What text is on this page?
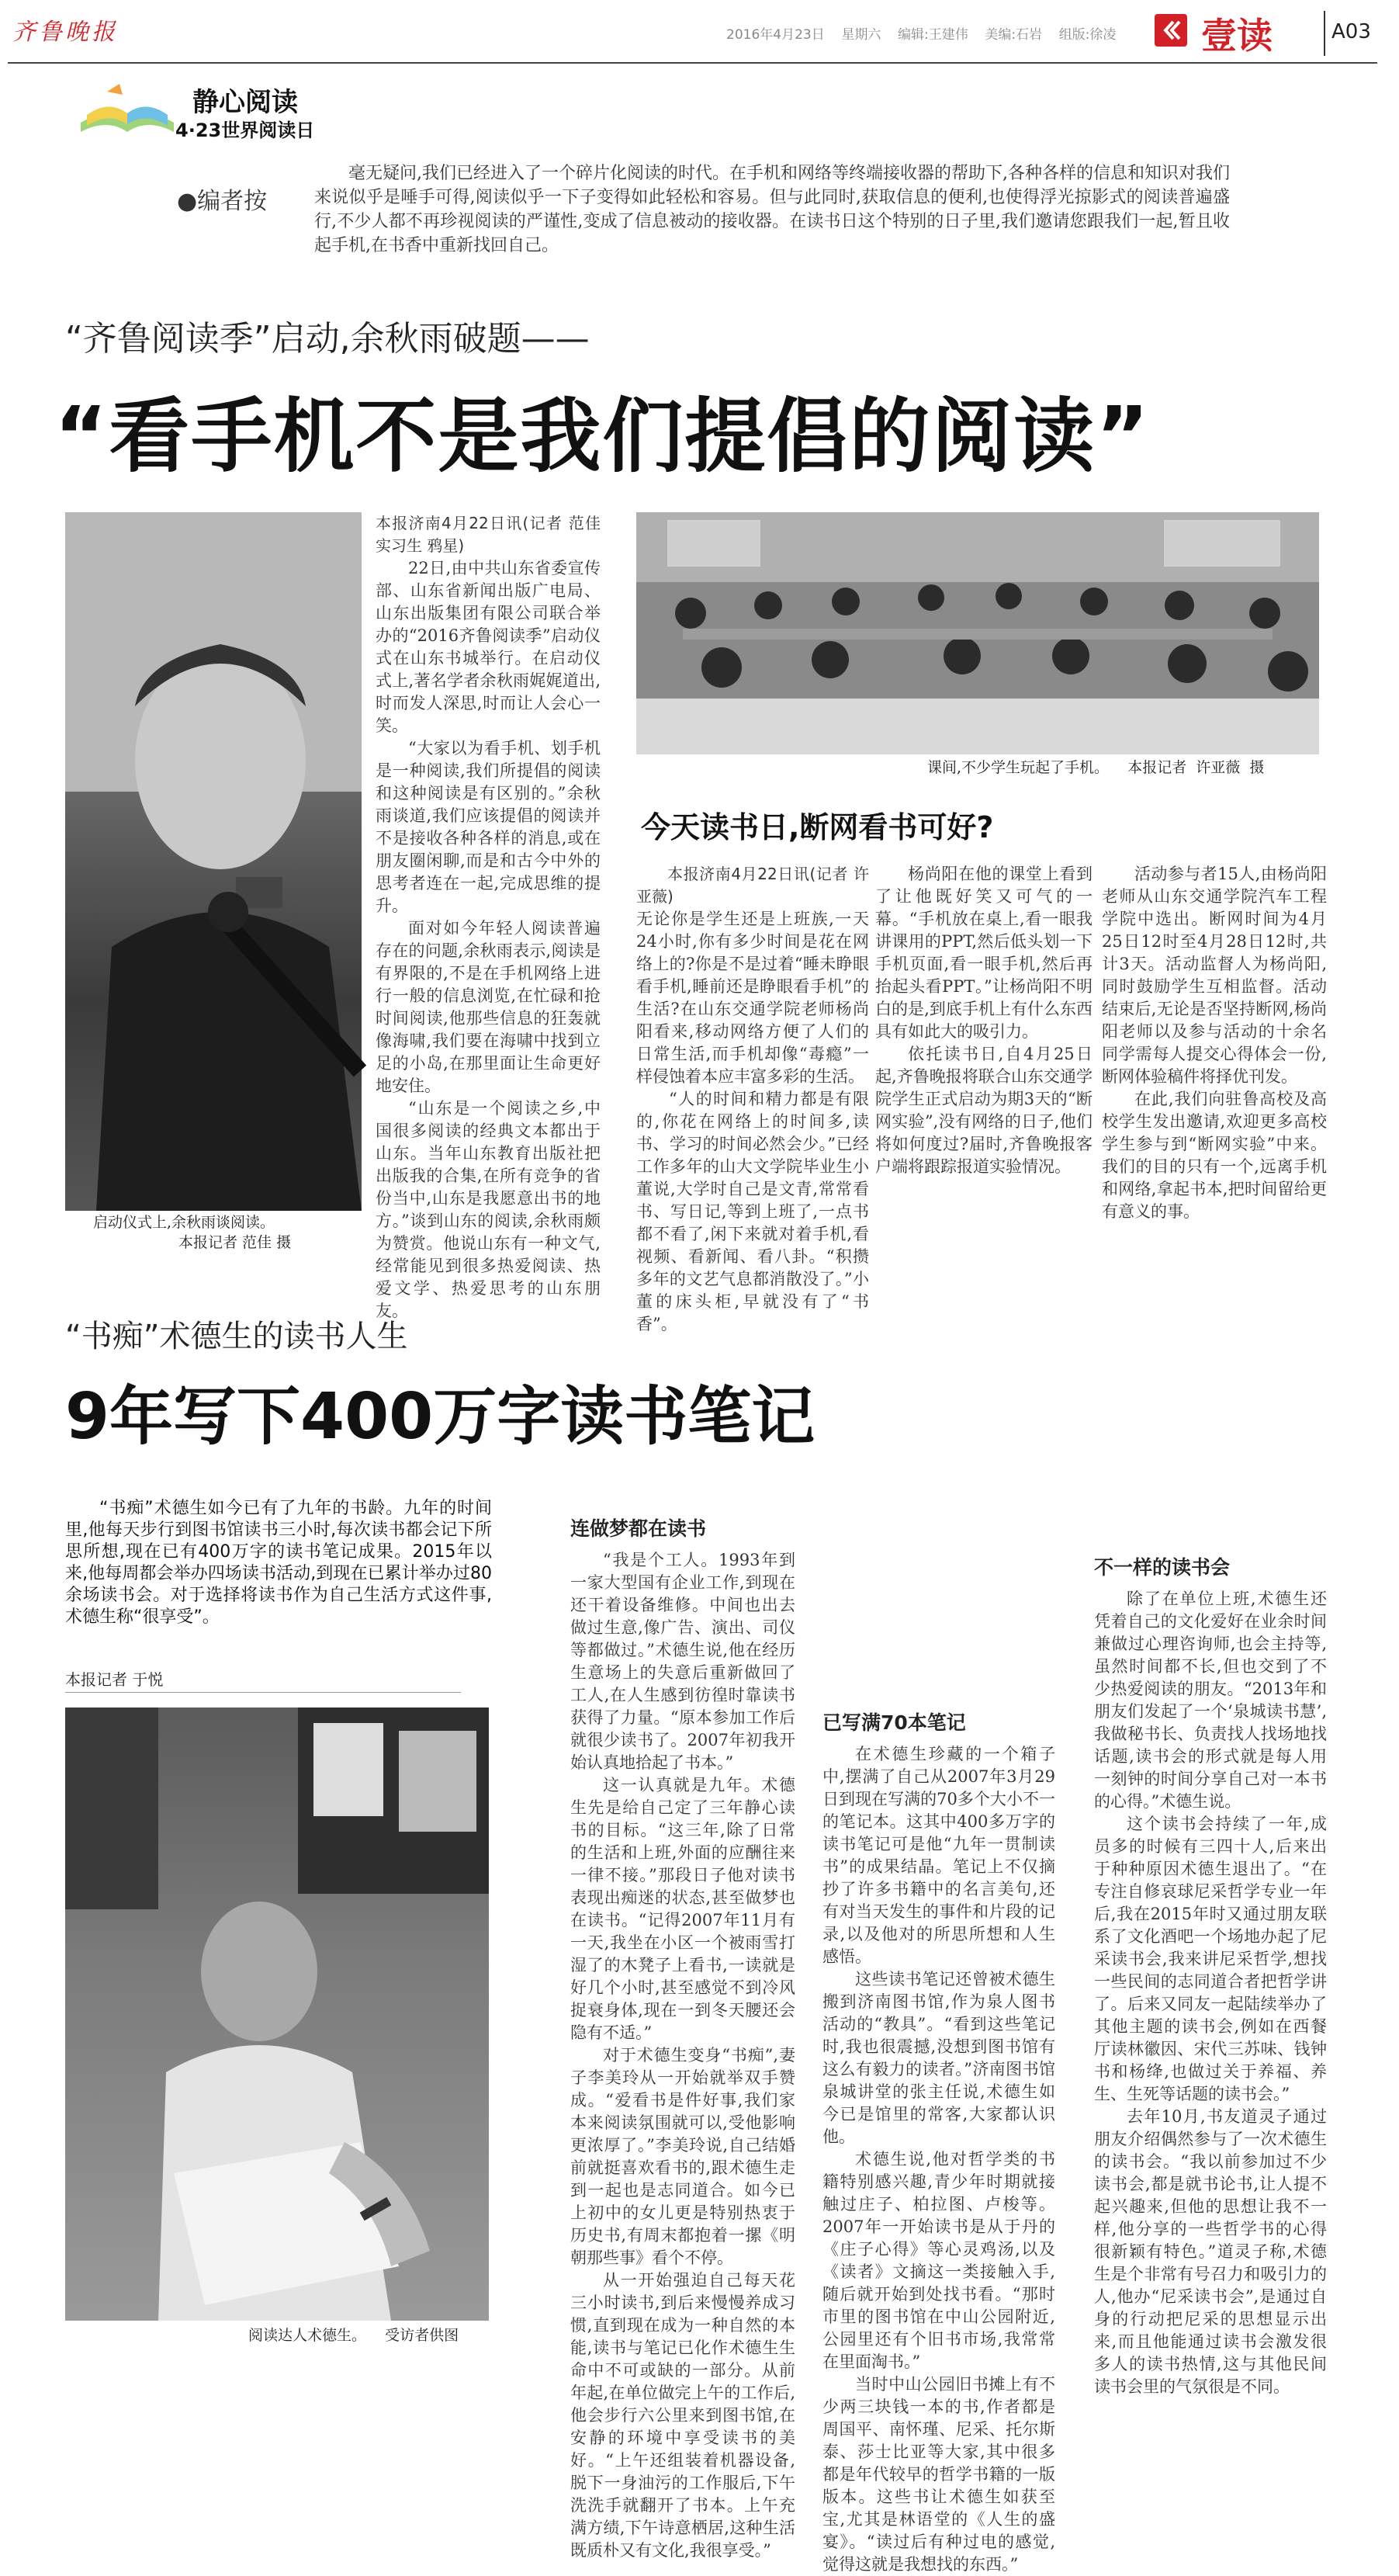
齐鲁晚报	2016年4月23日 星期六 编辑:王建伟 美编:石岩 组版:徐凌 壹读	A03
静心阅读
4·23世界阅读日
●编者按
毫无疑问,我们已经进入了一个碎片化阅读的时代。在手机和网络等终端接收器的帮助下,各种各样的信息和知识对我们来说似乎是唾手可得,阅读似乎一下子变得如此轻松和容易。但与此同时,获取信息的便利,也使得浮光掠影式的阅读普遍盛行,不少人都不再珍视阅读的严谨性,变成了信息被动的接收器。在读书日这个特别的日子里,我们邀请您跟我们一起,暂且收起手机,在书香中重新找回自己。
“齐鲁阅读季”启动,余秋雨破题——
“看手机不是我们提倡的阅读”
启动仪式上,余秋雨谈阅读。
本报记者 范佳 摄

本报济南4月22日讯(记者 范佳 实习生 鸦星)

22日,由中共山东省委宣传部、山东省新闻出版广电局、山东出版集团有限公司联合举办的“2016齐鲁阅读季”启动仪式在山东书城举行。在启动仪式上,著名学者余秋雨娓娓道出,时而发人深思,时而让人会心一笑。

“大家以为看手机、划手机是一种阅读,我们所提倡的阅读和这种阅读是有区别的。”余秋雨谈道,我们应该提倡的阅读并不是接收各种各样的消息,或在朋友圈闲聊,而是和古今中外的思考者连在一起,完成思维的提升。

面对如今年轻人阅读普遍存在的问题,余秋雨表示,阅读是有界限的,不是在手机网络上进行一般的信息浏览,在忙碌和抢时间阅读,他那些信息的狂轰就像海啸,我们要在海啸中找到立足的小岛,在那里面让生命更好地安住。

“山东是一个阅读之乡,中国很多阅读的经典文本都出于山东。当年山东教育出版社把出版我的合集,在所有竞争的省份当中,山东是我愿意出书的地方。”谈到山东的阅读,余秋雨颇为赞赏。他说山东有一种文气,经常能见到很多热爱阅读、热爱文学、热爱思考的山东朋友。

课间,不少学生玩起了手机。    本报记者  许亚薇  摄
今天读书日,断网看书可好?

本报济南4月22日讯(记者 许亚薇)

无论你是学生还是上班族,一天24小时,你有多少时间是花在网络上的?你是不是过着“睡未睁眼看手机,睡前还是睁眼看手机”的生活?在山东交通学院老师杨尚阳看来,移动网络方便了人们的日常生活,而手机却像“毒瘾”一样侵蚀着本应丰富多彩的生活。

“人的时间和精力都是有限的,你花在网络上的时间多,读书、学习的时间必然会少。”已经工作多年的山大文学院毕业生小董说,大学时自己是文青,常常看书、写日记,等到上班了,一点书都不看了,闲下来就对着手机,看视频、看新闻、看八卦。“积攒多年的文艺气息都消散没了。”小董的床头柜,早就没有了“书香”。

杨尚阳在他的课堂上看到了让他既好笑又可气的一幕。“手机放在桌上,看一眼我讲课用的PPT,然后低头划一下手机页面,看一眼手机,然后再抬起头看PPT。”让杨尚阳不明白的是,到底手机上有什么东西具有如此大的吸引力。

依托读书日,自4月25日起,齐鲁晚报将联合山东交通学院学生正式启动为期3天的“断网实验”,没有网络的日子,他们将如何度过?届时,齐鲁晚报客户端将跟踪报道实验情况。

活动参与者15人,由杨尚阳老师从山东交通学院汽车工程学院中选出。断网时间为4月25日12时至4月28日12时,共计3天。活动监督人为杨尚阳,同时鼓励学生互相监督。活动结束后,无论是否坚持断网,杨尚阳老师以及参与活动的十余名同学需每人提交心得体会一份,断网体验稿件将择优刊发。

在此,我们向驻鲁高校及高校学生发出邀请,欢迎更多高校学生参与到“断网实验”中来。我们的目的只有一个,远离手机和网络,拿起书本,把时间留给更有意义的事。

“书痴”术德生的读书人生
9年写下400万字读书笔记
“书痴”术德生如今已有了九年的书龄。九年的时间里,他每天步行到图书馆读书三小时,每次读书都会记下所思所想,现在已有400万字的读书笔记成果。2015年以来,他每周都会举办四场读书活动,到现在已累计举办过80余场读书会。对于选择将读书作为自己生活方式这件事,术德生称“很享受”。
本报记者 于悦
阅读达人术德生。    受访者供图
连做梦都在读书

“我是个工人。1993年到一家大型国有企业工作,到现在还干着设备维修。中间也出去做过生意,像广告、演出、司仪等都做过。”术德生说,他在经历生意场上的失意后重新做回了工人,在人生感到彷徨时靠读书获得了力量。“原本参加工作后就很少读书了。2007年初我开始认真地拾起了书本。”

这一认真就是九年。术德生先是给自己定了三年静心读书的目标。“这三年,除了日常的生活和上班,外面的应酬往来一律不接。”那段日子他对读书表现出痴迷的状态,甚至做梦也在读书。“记得2007年11月有一天,我坐在小区一个被雨雪打湿了的木凳子上看书,一读就是好几个小时,甚至感觉不到冷风捉衰身体,现在一到冬天腰还会隐有不适。”

对于术德生变身“书痴”,妻子李美玲从一开始就举双手赞成。“爱看书是件好事,我们家本来阅读氛围就可以,受他影响更浓厚了。”李美玲说,自己结婚前就挺喜欢看书的,跟术德生走到一起也是志同道合。如今已上初中的女儿更是特别热衷于历史书,有周末都抱着一摞《明朝那些事》看个不停。

从一开始强迫自己每天花三小时读书,到后来慢慢养成习惯,直到现在成为一种自然的本能,读书与笔记已化作术德生生命中不可或缺的一部分。从前年起,在单位做完上午的工作后,他会步行六公里来到图书馆,在安静的环境中享受读书的美好。“上午还组装着机器设备,脱下一身油污的工作服后,下午洗洗手就翻开了书本。上午充满方绩,下午诗意栖居,这种生活既质朴又有文化,我很享受。”

已写满70本笔记

在术德生珍藏的一个箱子中,摆满了自己从2007年3月29日到现在写满的70多个大小不一的笔记本。这其中400多万字的读书笔记可是他“九年一贯制读书”的成果结晶。笔记上不仅摘抄了许多书籍中的名言美句,还有对当天发生的事件和片段的记录,以及他对的所思所想和人生感悟。

这些读书笔记还曾被术德生搬到济南图书馆,作为泉人图书活动的“教具”。“看到这些笔记时,我也很震撼,没想到图书馆有这么有毅力的读者。”济南图书馆泉城讲堂的张主任说,术德生如今已是馆里的常客,大家都认识他。

术德生说,他对哲学类的书籍特别感兴趣,青少年时期就接触过庄子、柏拉图、卢梭等。2007年一开始读书是从于丹的《庄子心得》等心灵鸡汤,以及《读者》文摘这一类接触入手,随后就开始到处找书看。“那时市里的图书馆在中山公园附近,公园里还有个旧书市场,我常常在里面淘书。”

当时中山公园旧书摊上有不少两三块钱一本的书,作者都是周国平、南怀瑾、尼采、托尔斯泰、莎士比亚等大家,其中很多都是年代较早的哲学书籍的一版版本。这些书让术德生如获至宝,尤其是林语堂的《人生的盛宴》。“读过后有种过电的感觉,觉得这就是我想找的东西。”

不一样的读书会

除了在单位上班,术德生还凭着自己的文化爱好在业余时间兼做过心理咨询师,也会主持等,虽然时间都不长,但也交到了不少热爱阅读的朋友。“2013年和朋友们发起了一个‘泉城读书慧’,我做秘书长、负责找人找场地找话题,读书会的形式就是每人用一刻钟的时间分享自己对一本书的心得。”术德生说。

这个读书会持续了一年,成员多的时候有三四十人,后来出于种种原因术德生退出了。“在专注自修哀球尼采哲学专业一年后,我在2015年时又通过朋友联系了文化酒吧一个场地办起了尼采读书会,我来讲尼采哲学,想找一些民间的志同道合者把哲学讲了。后来又同友一起陆续举办了其他主题的读书会,例如在西餐厅读林徽因、宋代三苏味、钱钟书和杨绛,也做过关于养福、养生、生死等话题的读书会。”

去年10月,书友道灵子通过朋友介绍偶然参与了一次术德生的读书会。“我以前参加过不少读书会,都是就书论书,让人提不起兴趣来,但他的思想让我不一样,他分享的一些哲学书的心得很新颖有特色。”道灵子称,术德生是个非常有号召力和吸引力的人,他办“尼采读书会”,是通过自身的行动把尼采的思想显示出来,而且他能通过读书会激发很多人的读书热情,这与其他民间读书会里的气氛很是不同。
